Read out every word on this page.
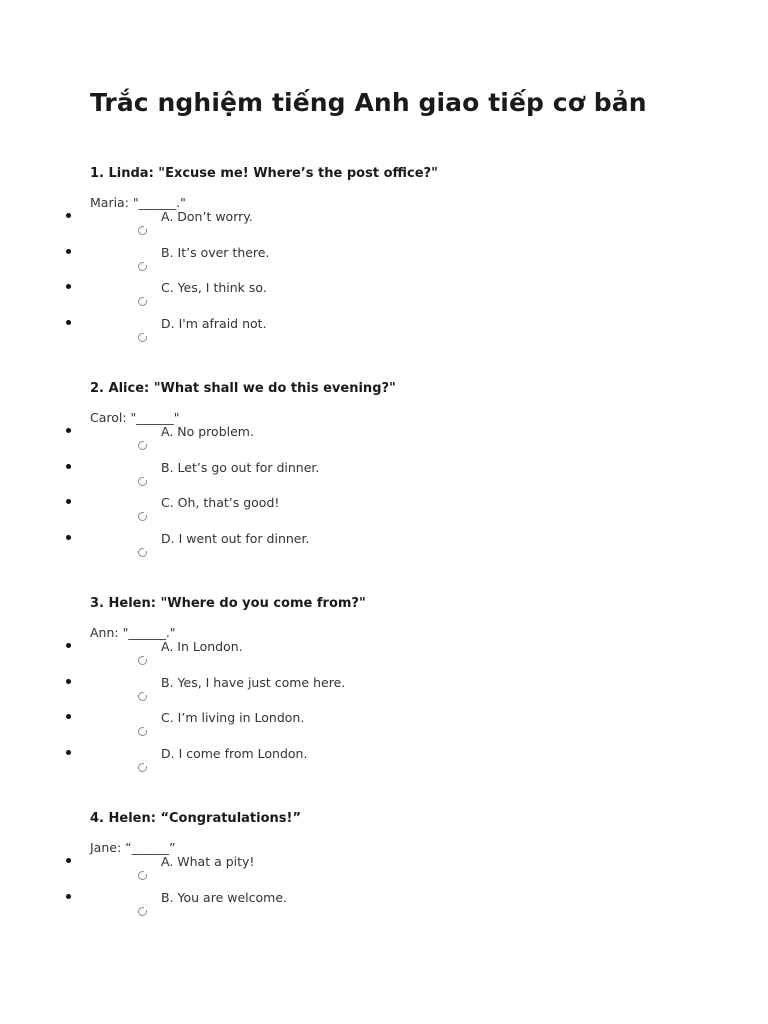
Trắc nghiệm tiếng Anh giao tiếp cơ bản

1. Linda: "Excuse me! Where’s the post office?"

Maria: "______."
A. Don’t worry.
B. It’s over there.
C. Yes, I think so.
D. I'm afraid not.

2. Alice: "What shall we do this evening?"

Carol: "______"
A. No problem.
B. Let’s go out for dinner.
C. Oh, that’s good!
D. I went out for dinner.

3. Helen: "Where do you come from?"

Ann: "______."
A. In London.
B. Yes, I have just come here.
C. I’m living in London.
D. I come from London.

4. Helen: “Congratulations!”

Jane: “______”
A. What a pity!
B. You are welcome.
